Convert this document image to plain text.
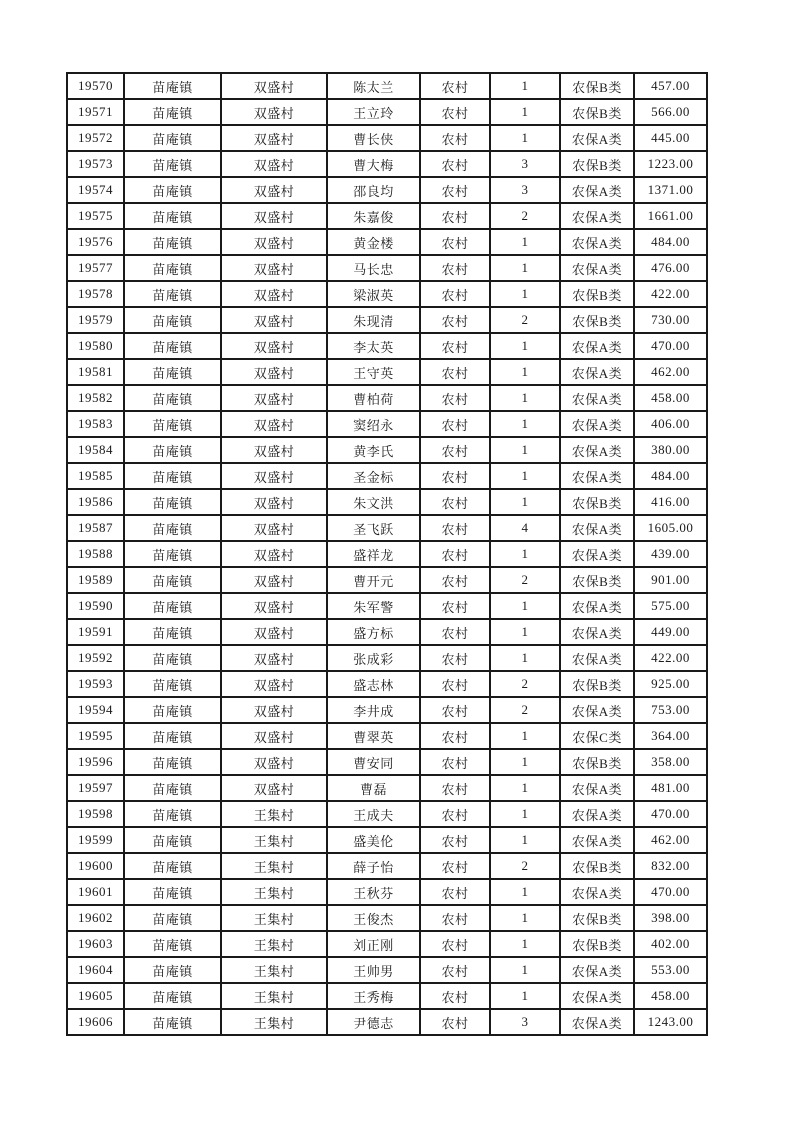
19570	苗庵镇	双盛村	陈太兰	农村	1	农保B类	457.00
19571	苗庵镇	双盛村	王立玲	农村	1	农保B类	566.00
19572	苗庵镇	双盛村	曹长侠	农村	1	农保A类	445.00
19573	苗庵镇	双盛村	曹大梅	农村	3	农保B类	1223.00
19574	苗庵镇	双盛村	邵良均	农村	3	农保A类	1371.00
19575	苗庵镇	双盛村	朱嘉俊	农村	2	农保A类	1661.00
19576	苗庵镇	双盛村	黄金楼	农村	1	农保A类	484.00
19577	苗庵镇	双盛村	马长忠	农村	1	农保A类	476.00
19578	苗庵镇	双盛村	梁淑英	农村	1	农保B类	422.00
19579	苗庵镇	双盛村	朱现清	农村	2	农保B类	730.00
19580	苗庵镇	双盛村	李太英	农村	1	农保A类	470.00
19581	苗庵镇	双盛村	王守英	农村	1	农保A类	462.00
19582	苗庵镇	双盛村	曹柏荷	农村	1	农保A类	458.00
19583	苗庵镇	双盛村	窦绍永	农村	1	农保A类	406.00
19584	苗庵镇	双盛村	黄李氏	农村	1	农保A类	380.00
19585	苗庵镇	双盛村	圣金标	农村	1	农保A类	484.00
19586	苗庵镇	双盛村	朱文洪	农村	1	农保B类	416.00
19587	苗庵镇	双盛村	圣飞跃	农村	4	农保A类	1605.00
19588	苗庵镇	双盛村	盛祥龙	农村	1	农保A类	439.00
19589	苗庵镇	双盛村	曹开元	农村	2	农保B类	901.00
19590	苗庵镇	双盛村	朱军警	农村	1	农保A类	575.00
19591	苗庵镇	双盛村	盛方标	农村	1	农保A类	449.00
19592	苗庵镇	双盛村	张成彩	农村	1	农保A类	422.00
19593	苗庵镇	双盛村	盛志林	农村	2	农保B类	925.00
19594	苗庵镇	双盛村	李井成	农村	2	农保A类	753.00
19595	苗庵镇	双盛村	曹翠英	农村	1	农保C类	364.00
19596	苗庵镇	双盛村	曹安同	农村	1	农保B类	358.00
19597	苗庵镇	双盛村	曹磊	农村	1	农保A类	481.00
19598	苗庵镇	王集村	王成夫	农村	1	农保A类	470.00
19599	苗庵镇	王集村	盛美伦	农村	1	农保A类	462.00
19600	苗庵镇	王集村	薛子怡	农村	2	农保B类	832.00
19601	苗庵镇	王集村	王秋芬	农村	1	农保A类	470.00
19602	苗庵镇	王集村	王俊杰	农村	1	农保B类	398.00
19603	苗庵镇	王集村	刘正刚	农村	1	农保B类	402.00
19604	苗庵镇	王集村	王帅男	农村	1	农保A类	553.00
19605	苗庵镇	王集村	王秀梅	农村	1	农保A类	458.00
19606	苗庵镇	王集村	尹德志	农村	3	农保A类	1243.00
